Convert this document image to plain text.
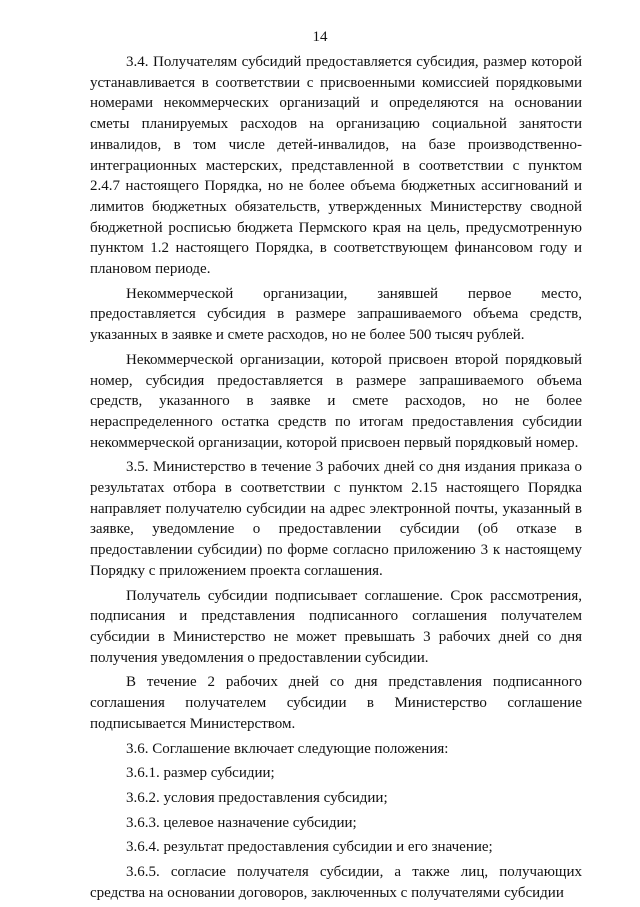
14

3.4. Получателям субсидий предоставляется субсидия, размер которой устанавливается в соответствии с присвоенными комиссией порядковыми номерами некоммерческих организаций и определяются на основании сметы планируемых расходов на организацию социальной занятости инвалидов, в том числе детей-инвалидов, на базе производственно-интеграционных мастерских, представленной в соответствии с пунктом 2.4.7 настоящего Порядка, но не более объема бюджетных ассигнований и лимитов бюджетных обязательств, утвержденных Министерству сводной бюджетной росписью бюджета Пермского края на цель, предусмотренную пунктом 1.2 настоящего Порядка, в соответствующем финансовом году и плановом периоде.

Некоммерческой организации, занявшей первое место, предоставляется субсидия в размере запрашиваемого объема средств, указанных в заявке и смете расходов, но не более 500 тысяч рублей.

Некоммерческой организации, которой присвоен второй порядковый номер, субсидия предоставляется в размере запрашиваемого объема средств, указанного в заявке и смете расходов, но не более нераспределенного остатка средств по итогам предоставления субсидии некоммерческой организации, которой присвоен первый порядковый номер.

3.5. Министерство в течение 3 рабочих дней со дня издания приказа о результатах отбора в соответствии с пунктом 2.15 настоящего Порядка направляет получателю субсидии на адрес электронной почты, указанный в заявке, уведомление о предоставлении субсидии (об отказе в предоставлении субсидии) по форме согласно приложению 3 к настоящему Порядку с приложением проекта соглашения.

Получатель субсидии подписывает соглашение. Срок рассмотрения, подписания и представления подписанного соглашения получателем субсидии в Министерство не может превышать 3 рабочих дней со дня получения уведомления о предоставлении субсидии.

В течение 2 рабочих дней со дня представления подписанного соглашения получателем субсидии в Министерство соглашение подписывается Министерством.

3.6. Соглашение включает следующие положения:

3.6.1. размер субсидии;

3.6.2. условия предоставления субсидии;

3.6.3. целевое назначение субсидии;

3.6.4. результат предоставления субсидии и его значение;

3.6.5. согласие получателя субсидии, а также лиц, получающих средства на основании договоров, заключенных с получателями субсидии
